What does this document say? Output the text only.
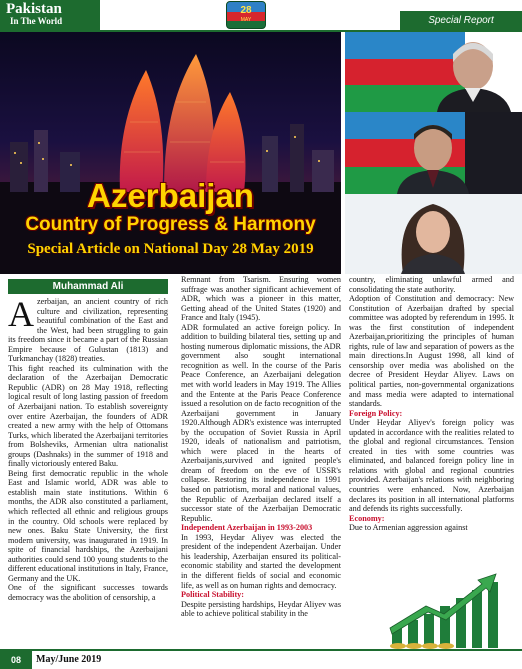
Pakistan
In The World
28
MAY	Special Report
Azerbaijan
Country of Progress & Harmony
Special Article on National Day 28 May 2019
Muhammad Ali

Azerbaijan, an ancient country of rich culture and civilization, representing beautiful combination of the East and the West, had been struggling to gain its freedom since it became a part of the Russian Empire because of Gulustan (1813) and Turkmanchay (1828) treaties.

This fight reached its culmination with the declaration of the Azerbaijan Democratic Republic (ADR) on 28 May 1918, reflecting logical result of long lasting passion of freedom of Azerbaijani nation. To establish sovereignty over entire Azerbaijan, the founders of ADR created a new army with the help of Ottomans Turks, which liberated the Azerbaijani territories from Bolsheviks, Armenian ultra nationalist groups (Dashnaks) in the summer of 1918 and finally victoriously entered Baku.

Being first democratic republic in the whole East and Islamic world, ADR was able to establish main state institutions. Within 6 months, the ADR also constituted a parliament, which reflected all ethnic and religious groups in the country. Old schools were replaced by new ones. Baku State University, the first modern university, was inaugurated in 1919. In spite of financial hardships, the Azerbaijani authorities could send 100 young students to the different educational institutions in Italy, France, Germany and the UK.

One of the significant successes towards democracy was the abolition of censorship, a

Remnant from Tsarism. Ensuring women suffrage was another significant achievement of ADR, which was a pioneer in this matter, Getting ahead of the United States (1920) and France and Italy (1945).

ADR formulated an active foreign policy. In addition to building bilateral ties, setting up and hosting numerous diplomatic missions, the ADR government also sought international recognition as well. In the course of the Paris Peace Conference, an Azerbaijani delegation met with world leaders in May 1919. The Allies and the Entente at the Paris Peace Conference issued a resolution on de facto recognition of the Azerbaijani government in January 1920.Although ADR's existence was interrupted by the occupation of Soviet Russia in April 1920, ideals of nationalism and patriotism, which were placed in the hearts of Azerbaijanis,survived and ignited people's dream of freedom on the eve of USSR's collapse. Restoring its independence in 1991 based on patriotism, moral and national values, the Republic of Azerbaijan declared itself a successor state of the Azerbaijan Democratic Republic.

Independent Azerbaijan in 1993-2003

In 1993, Heydar Aliyev was elected the president of the independent Azerbaijan. Under his leadership, Azerbaijan ensured its political-economic stability and started the development in the different fields of social and economic life, as well as on human rights and democracy.

Political Stability:

Despite persisting hardships, Heydar Aliyev was able to achieve political stability in the

country, eliminating unlawful armed and consolidating the state authority.

Adoption of Constitution and democracy: New Constitution of Azerbaijan drafted by special committee was adopted by referendum in 1995. It was the first constitution of independent Azerbaijan,prioritizing the principles of human rights, rule of law and separation of powers as the main directions.In August 1998, all kind of censorship over media was abolished on the decree of President Heydar Aliyev. Laws on political parties, non-governmental organizations and mass media were adapted to international standards.

Foreign Policy:

Under Heydar Aliyev's foreign policy was updated in accordance with the realities related to the global and regional circumstances. Tension created in ties with some countries was eliminated, and balanced foreign policy line in relations with global and regional countries provided. Azerbaijan's relations with neighboring countries were enhanced. Now, Azerbaijan declares its position in all international platforms and defends its rights successfully.

Economy:

Due to Armenian aggression against

08	May/June 2019
